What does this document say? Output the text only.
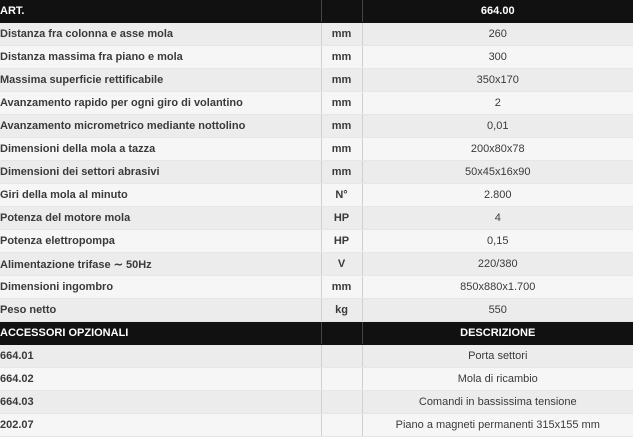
ART.		664.00
Distanza fra colonna e asse mola	mm	260
Distanza massima fra piano e mola	mm	300
Massima superficie rettificabile	mm	350x170
Avanzamento rapido per ogni giro di volantino	mm	2
Avanzamento micrometrico mediante nottolino	mm	0,01
Dimensioni della mola a tazza	mm	200x80x78
Dimensioni dei settori abrasivi	mm	50x45x16x90
Giri della mola al minuto	N°	2.800
Potenza del motore mola	HP	4
Potenza elettropompa	HP	0,15
Alimentazione trifase ∼ 50Hz	V	220/380
Dimensioni ingombro	mm	850x880x1.700
Peso netto	kg	550
ACCESSORI OPZIONALI		DESCRIZIONE
664.01		Porta settori
664.02		Mola di ricambio
664.03		Comandi in bassissima tensione
202.07		Piano a magneti permanenti 315x155 mm
